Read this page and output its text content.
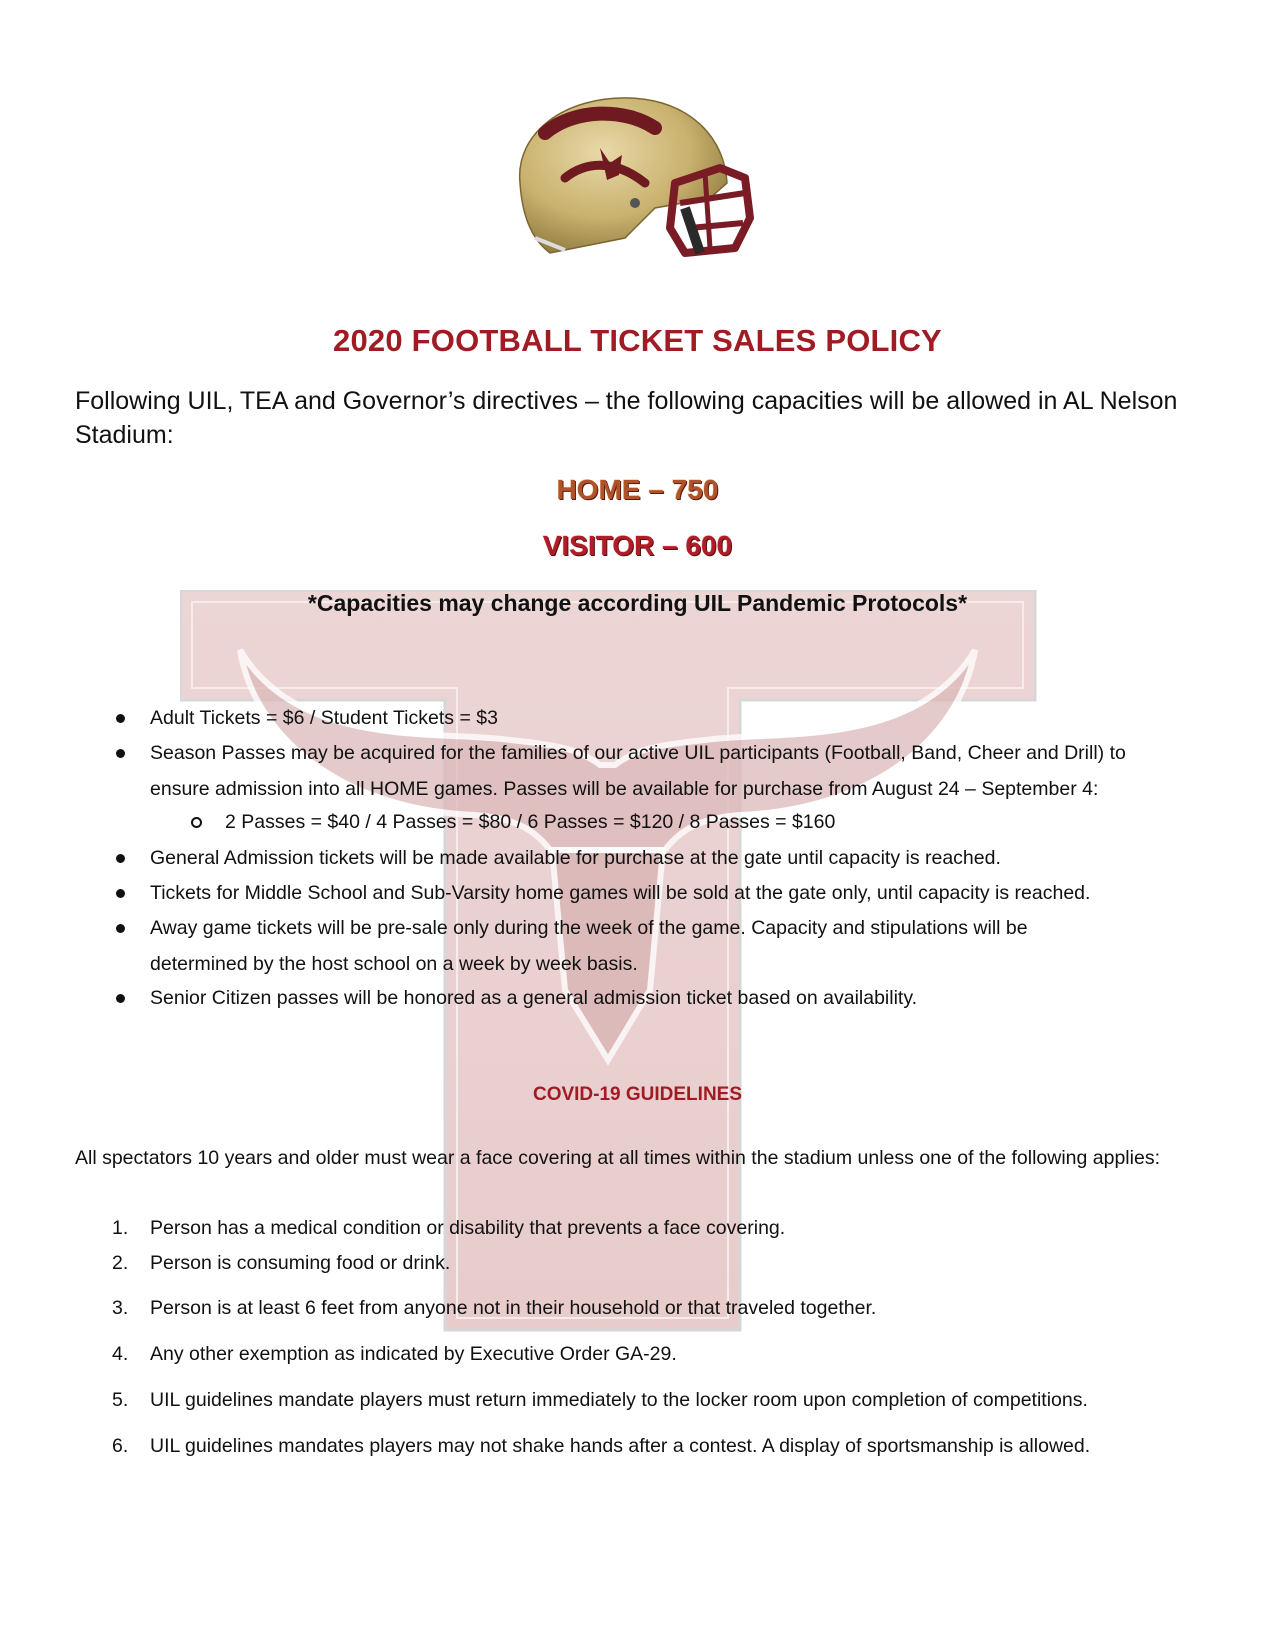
2020 FOOTBALL TICKET SALES POLICY
Following UIL, TEA and Governor’s directives – the following capacities will be allowed in AL Nelson Stadium:
HOME – 750
VISITOR – 600
*Capacities may change according UIL Pandemic Protocols*
Adult Tickets = $6 / Student Tickets = $3
Season Passes may be acquired for the families of our active UIL participants (Football, Band, Cheer and Drill) to ensure admission into all HOME games. Passes will be available for purchase from August 24 – September 4:
2 Passes = $40 / 4 Passes = $80 / 6 Passes = $120 / 8 Passes = $160
General Admission tickets will be made available for purchase at the gate until capacity is reached.
Tickets for Middle School and Sub-Varsity home games will be sold at the gate only, until capacity is reached.
Away game tickets will be pre-sale only during the week of the game. Capacity and stipulations will be determined by the host school on a week by week basis.
Senior Citizen passes will be honored as a general admission ticket based on availability.
COVID-19 GUIDELINES
All spectators 10 years and older must wear a face covering at all times within the stadium unless one of the following applies:
1. Person has a medical condition or disability that prevents a face covering.
2. Person is consuming food or drink.
3. Person is at least 6 feet from anyone not in their household or that traveled together.
4. Any other exemption as indicated by Executive Order GA-29.
5. UIL guidelines mandate players must return immediately to the locker room upon completion of competitions.
6. UIL guidelines mandates players may not shake hands after a contest. A display of sportsmanship is allowed.
